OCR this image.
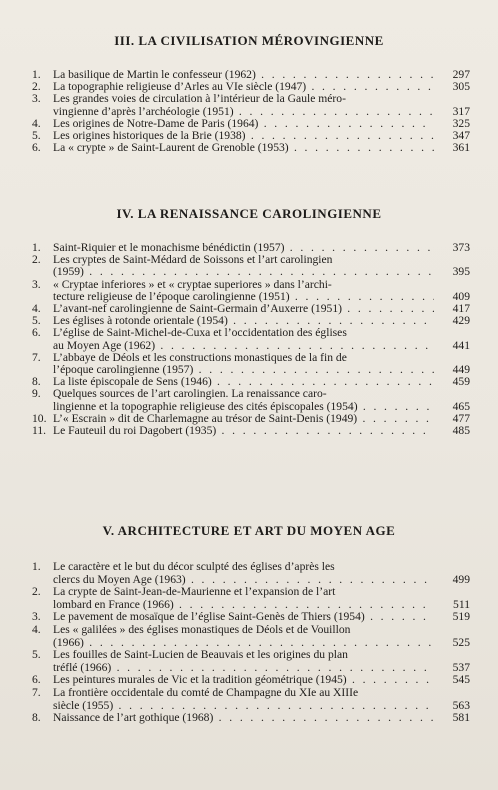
III. LA CIVILISATION MÉROVINGIENNE
1. La basilique de Martin le confesseur (1962) . . .	297
2. La topographie religieuse d’Arles au VIe siècle (1947) . . .	305
3. Les grandes voies de circulation à l’intérieur de la Gaule méro-
vingienne d’après l’archéologie (1951) . . .	317
4. Les origines de Notre-Dame de Paris (1964) . . .	325
5. Les origines historiques de la Brie (1938) . . .	347
6. La « crypte » de Saint-Laurent de Grenoble (1953) . . .	361
IV. LA RENAISSANCE CAROLINGIENNE
1. Saint-Riquier et le monachisme bénédictin (1957) . . .	373
2. Les cryptes de Saint-Médard de Soissons et l’art carolingien
(1959) . . .	395
3. « Cryptae inferiores » et « cryptae superiores » dans l’archi-
tecture religieuse de l’époque carolingienne (1951) . . .	409
4. L’avant-nef carolingienne de Saint-Germain d’Auxerre (1951) . . .	417
5. Les églises à rotonde orientale (1954) . . .	429
6. L’église de Saint-Michel-de-Cuxa et l’occidentation des églises
au Moyen Age (1962) . . .	441
7. L’abbaye de Déols et les constructions monastiques de la fin de
l’époque carolingienne (1957) . . .	449
8. La liste épiscopale de Sens (1946) . . .	459
9. Quelques sources de l’art carolingien. La renaissance caro-
lingienne et la topographie religieuse des cités épiscopales (1954) . . .	465
10. L’« Escrain » dit de Charlemagne au trésor de Saint-Denis (1949) . . .	477
11. Le Fauteuil du roi Dagobert (1935) . . .	485
V. ARCHITECTURE ET ART DU MOYEN AGE
1. Le caractère et le but du décor sculpté des églises d’après les
clercs du Moyen Age (1963) . . .	499
2. La crypte de Saint-Jean-de-Maurienne et l’expansion de l’art
lombard en France (1966) . . .	511
3. Le pavement de mosaïque de l’église Saint-Genès de Thiers (1954) . . .	519
4. Les « galilées » des églises monastiques de Déols et de Vouillon
(1966) . . .	525
5. Les fouilles de Saint-Lucien de Beauvais et les origines du plan
tréflé (1966) . . .	537
6. Les peintures murales de Vic et la tradition géométrique (1945) . . .	545
7. La frontière occidentale du comté de Champagne du XIe au XIIIe
siècle (1955) . . .	563
8. Naissance de l’art gothique (1968) . . .	581
